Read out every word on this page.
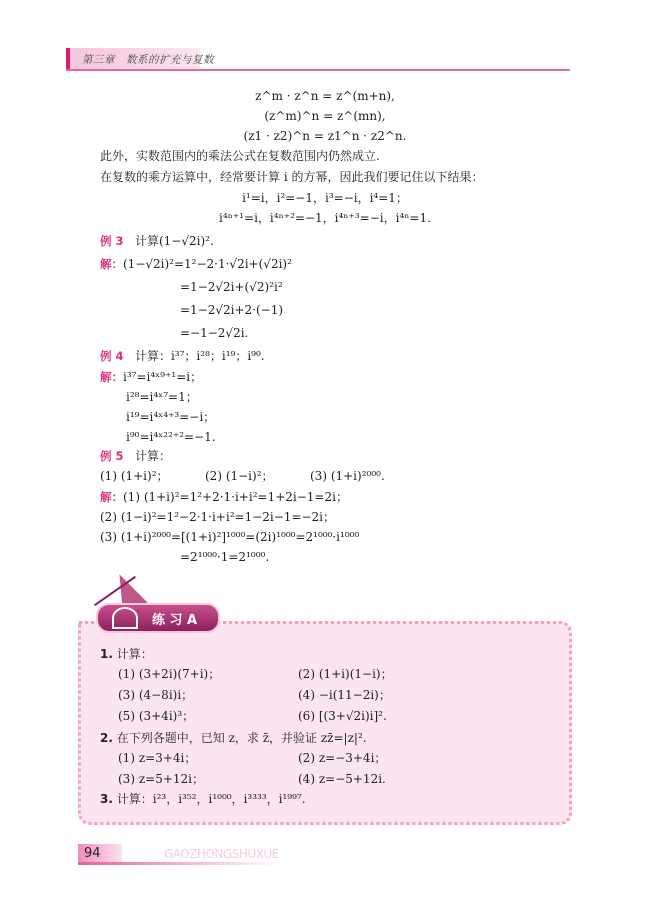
第三章　数系的扩充与复数
z^m · z^n = z^(m+n),
(z^m)^n = z^(mn),
(z1 · z2)^n = z1^n · z2^n.
此外，实数范围内的乘法公式在复数范围内仍然成立.
在复数的乘方运算中，经常要计算 i 的方幂，因此我们要记住以下结果：
i¹=i，i²=−1，i³=−i，i⁴=1；
i⁴ⁿ⁺¹=i，i⁴ⁿ⁺²=−1，i⁴ⁿ⁺³=−i，i⁴ⁿ=1.
例 3 计算(1−√2i)².
解：(1−√2i)²=1²−2·1·√2i+(√2i)²
=1−2√2i+(√2)²i²
=1−2√2i+2·(−1)
=−1−2√2i.
例 4 计算：i³⁷；i²⁸；i¹⁹；i⁹⁰.
解：i³⁷=i⁴ˣ⁹⁺¹=i；
i²⁸=i⁴ˣ⁷=1；
i¹⁹=i⁴ˣ⁴⁺³=−i；
i⁹⁰=i⁴ˣ²²⁺²=−1.
例 5 计算：
(1) (1+i)²；	(2) (1−i)²；	(3) (1+i)²⁰⁰⁰.
解：(1) (1+i)²=1²+2·1·i+i²=1+2i−1=2i；
(2) (1−i)²=1²−2·1·i+i²=1−2i−1=−2i；
(3) (1+i)²⁰⁰⁰=[(1+i)²]¹⁰⁰⁰=(2i)¹⁰⁰⁰=2¹⁰⁰⁰·i¹⁰⁰⁰
=2¹⁰⁰⁰·1=2¹⁰⁰⁰.
练 习 A
1. 计算：
(1) (3+2i)(7+i)；	(2) (1+i)(1−i)；
(3) (4−8i)i；	(4) −i(11−2i)；
(5) (3+4i)³；	(6) [(3+√2i)i]².
2. 在下列各题中，已知 z，求 z̄，并验证 zz̄=|z|².
(1) z=3+4i；	(2) z=−3+4i；
(3) z=5+12i；	(4) z=−5+12i.
3. 计算：i²³，i³⁵²，i¹⁰⁰⁰，i³³³³，i¹⁹⁹⁷.
94	GAOZHONGSHUXUE
